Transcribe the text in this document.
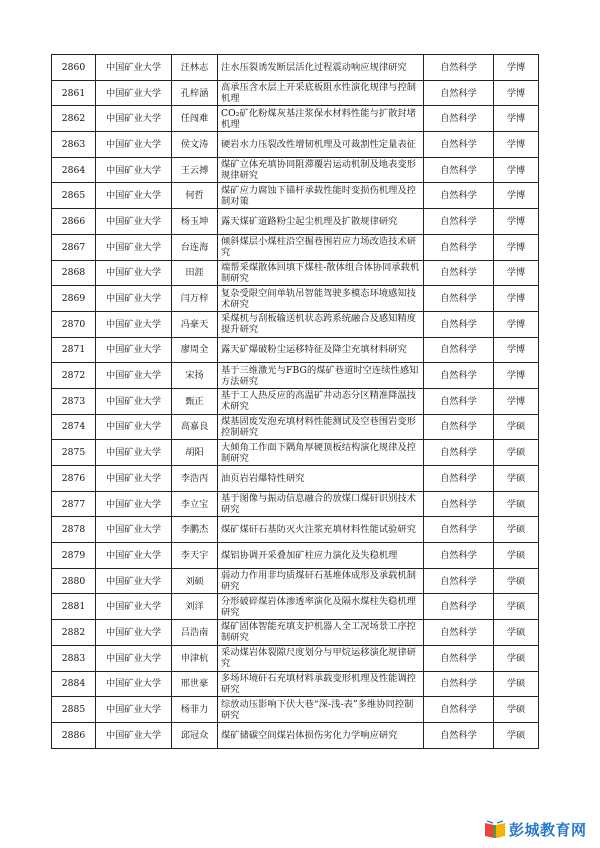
2860	中国矿业大学	汪林志	注水压裂诱发断层活化过程震动响应规律研究	自然科学	学博
2861	中国矿业大学	孔梓涵	高承压含水层上开采底板阻水性演化规律与控制机理	自然科学	学博
2862	中国矿业大学	任闯难	CO₂矿化粉煤灰基注浆保水材料性能与扩散封堵机理	自然科学	学博
2863	中国矿业大学	侯文涛	硬岩水力压裂改性增韧机理及可裁割性定量表征	自然科学	学博
2864	中国矿业大学	王云搏	煤矿立体充填协同阻滞覆岩运动机制及地表变形规律研究	自然科学	学博
2865	中国矿业大学	何哲	煤矿应力腐蚀下锚杆承载性能时变损伤机理及控制对策	自然科学	学博
2866	中国矿业大学	杨玉坤	露天煤矿道路粉尘起尘机理及扩散规律研究	自然科学	学博
2867	中国矿业大学	台连海	倾斜煤层小煤柱沿空掘巷围岩应力场改造技术研究	自然科学	学博
2868	中国矿业大学	田涯	端帮采煤散体回填下煤柱-散体组合体协同承载机制研究	自然科学	学博
2869	中国矿业大学	闫万梓	复杂受限空间单轨吊智能驾驶多模态环境感知技术研究	自然科学	学博
2870	中国矿业大学	冯豪天	采煤机与刮板输送机状态跨系统融合及感知精度提升研究	自然科学	学博
2871	中国矿业大学	廖周全	露天矿爆破粉尘运移特征及降尘充填材料研究	自然科学	学博
2872	中国矿业大学	宋扬	基于三维激光与FBG的煤矿巷道时空连续性感知方法研究	自然科学	学博
2873	中国矿业大学	甄正	基于工人热反应的高温矿井动态分区精准降温技术研究	自然科学	学博
2874	中国矿业大学	高嘉良	煤基固废发泡充填材料性能测试及空巷围岩变形控制研究	自然科学	学硕
2875	中国矿业大学	胡阳	大倾角工作面下隅角厚硬顶板结构演化规律及控制研究	自然科学	学硕
2876	中国矿业大学	李浩丙	油页岩岩爆特性研究	自然科学	学硕
2877	中国矿业大学	李立宝	基于图像与振动信息融合的放煤口煤矸识别技术研究	自然科学	学硕
2878	中国矿业大学	李鹏杰	煤矿煤矸石基防灭火注浆充填材料性能试验研究	自然科学	学硕
2879	中国矿业大学	李天宇	煤铝协调开采叠加矿柱应力演化及失稳机理	自然科学	学硕
2880	中国矿业大学	刘硕	弱动力作用非均质煤矸石基堆体成形及承载机制研究	自然科学	学硕
2881	中国矿业大学	刘洋	分形破碎煤岩体渗透率演化及隔水煤柱失稳机理研究	自然科学	学硕
2882	中国矿业大学	吕浩南	煤矿固体智能充填支护机器人全工况场景工序控制研究	自然科学	学硕
2883	中国矿业大学	申津杭	采动煤岩体裂隙尺度划分与甲烷运移演化规律研究	自然科学	学硕
2884	中国矿业大学	邢世豪	多场环境矸石充填材料承载变形机理及性能调控研究	自然科学	学硕
2885	中国矿业大学	杨菲力	综放动压影响下伏大巷“深-浅-表”多维协同控制研究	自然科学	学硕
2886	中国矿业大学	邱冠众	煤矿储碳空间煤岩体损伤劣化力学响应研究	自然科学	学硕
彭城教育网
